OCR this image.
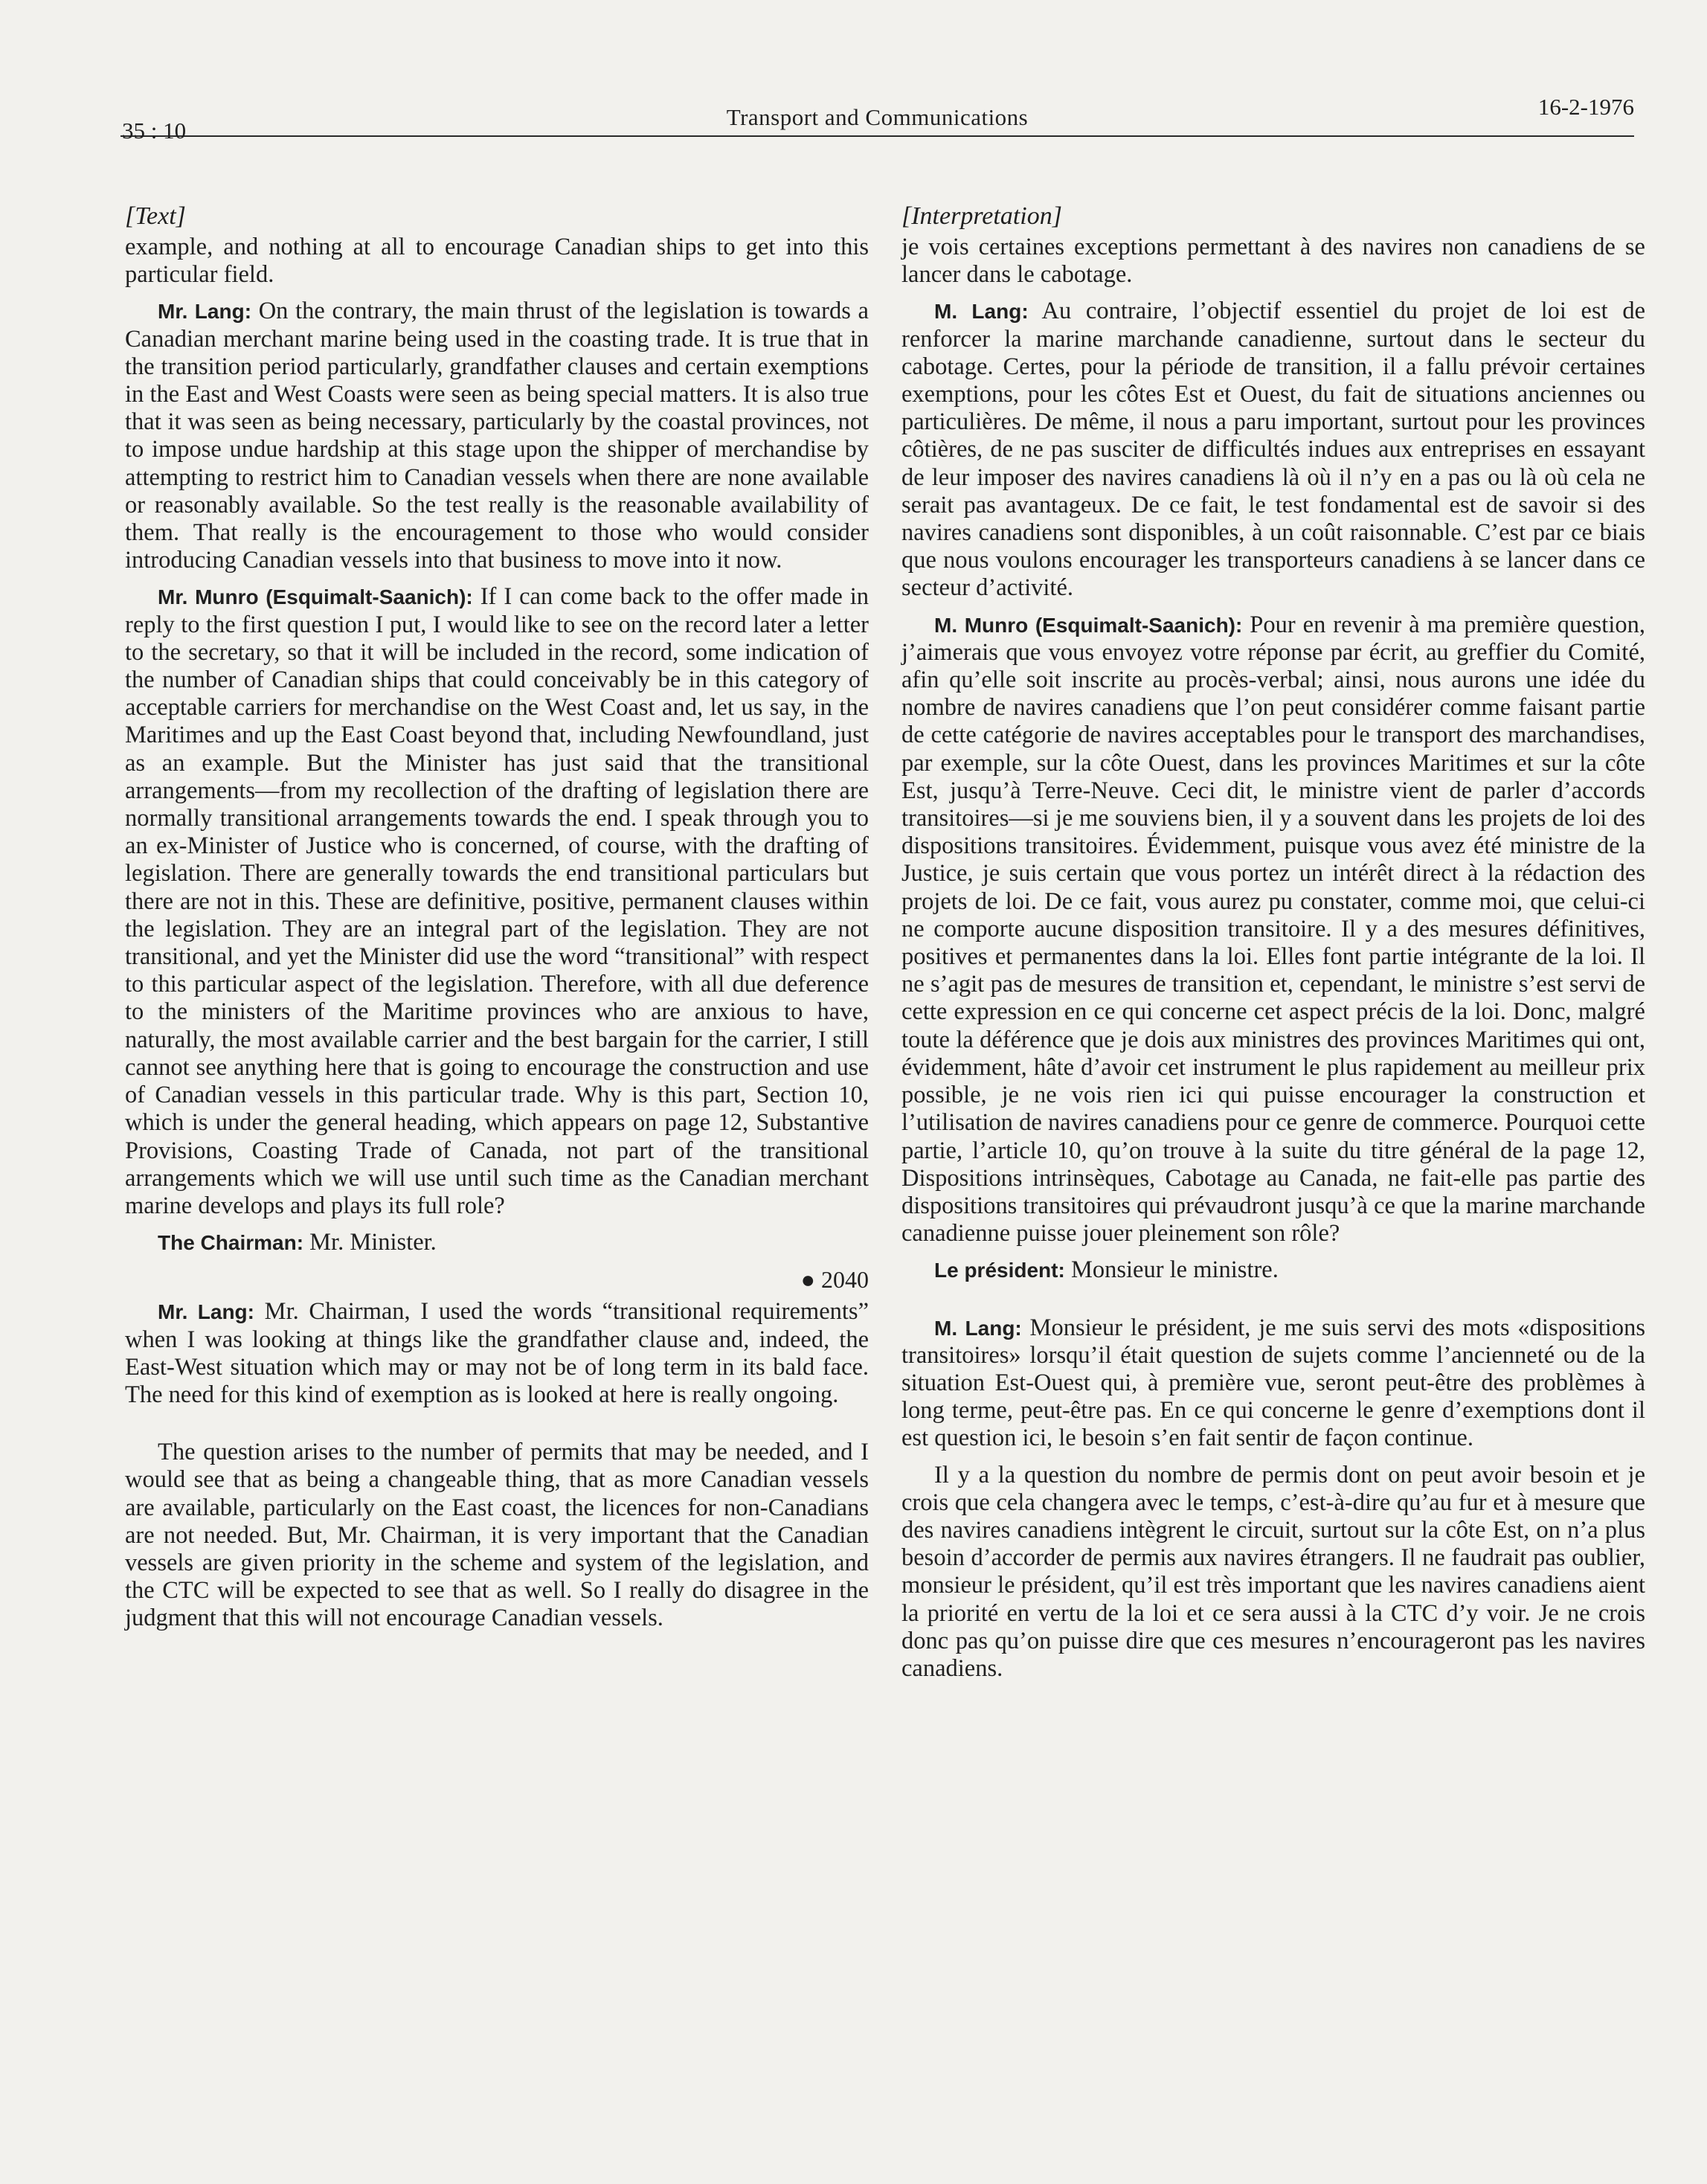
35 : 10
Transport and Communications	16-2-1976
[Text]

example, and nothing at all to encourage Canadian ships to get into this particular field.

Mr. Lang: On the contrary, the main thrust of the legislation is towards a Canadian merchant marine being used in the coasting trade. It is true that in the transition period particularly, grandfather clauses and certain exemptions in the East and West Coasts were seen as being special matters. It is also true that it was seen as being necessary, particularly by the coastal provinces, not to impose undue hardship at this stage upon the shipper of merchandise by attempting to restrict him to Canadian vessels when there are none available or reasonably available. So the test really is the reasonable availability of them. That really is the encouragement to those who would consider introducing Canadian vessels into that business to move into it now.

Mr. Munro (Esquimalt-Saanich): If I can come back to the offer made in reply to the first question I put, I would like to see on the record later a letter to the secretary, so that it will be included in the record, some indication of the number of Canadian ships that could conceivably be in this category of acceptable carriers for merchandise on the West Coast and, let us say, in the Maritimes and up the East Coast beyond that, including Newfoundland, just as an example. But the Minister has just said that the transitional arrangements—from my recollection of the drafting of legislation there are normally transitional arrangements towards the end. I speak through you to an ex-Minister of Justice who is concerned, of course, with the drafting of legislation. There are generally towards the end transitional particulars but there are not in this. These are definitive, positive, permanent clauses within the legislation. They are an integral part of the legislation. They are not transitional, and yet the Minister did use the word “transitional” with respect to this particular aspect of the legislation. Therefore, with all due deference to the ministers of the Maritime provinces who are anxious to have, naturally, the most available carrier and the best bargain for the carrier, I still cannot see anything here that is going to encourage the construction and use of Canadian vessels in this particular trade. Why is this part, Section 10, which is under the general heading, which appears on page 12, Substantive Provisions, Coasting Trade of Canada, not part of the transitional arrangements which we will use until such time as the Canadian merchant marine develops and plays its full role?

The Chairman: Mr. Minister.

● 2040

Mr. Lang: Mr. Chairman, I used the words “transitional requirements” when I was looking at things like the grandfather clause and, indeed, the East-West situation which may or may not be of long term in its bald face. The need for this kind of exemption as is looked at here is really ongoing.

The question arises to the number of permits that may be needed, and I would see that as being a changeable thing, that as more Canadian vessels are available, particularly on the East coast, the licences for non-Canadians are not needed. But, Mr. Chairman, it is very important that the Canadian vessels are given priority in the scheme and system of the legislation, and the CTC will be expected to see that as well. So I really do disagree in the judgment that this will not encourage Canadian vessels.

[Interpretation]

je vois certaines exceptions permettant à des navires non canadiens de se lancer dans le cabotage.

M. Lang: Au contraire, l’objectif essentiel du projet de loi est de renforcer la marine marchande canadienne, surtout dans le secteur du cabotage. Certes, pour la période de transition, il a fallu prévoir certaines exemptions, pour les côtes Est et Ouest, du fait de situations anciennes ou particulières. De même, il nous a paru important, surtout pour les provinces côtières, de ne pas susciter de difficultés indues aux entreprises en essayant de leur imposer des navires canadiens là où il n’y en a pas ou là où cela ne serait pas avantageux. De ce fait, le test fondamental est de savoir si des navires canadiens sont disponibles, à un coût raisonnable. C’est par ce biais que nous voulons encourager les transporteurs canadiens à se lancer dans ce secteur d’activité.

M. Munro (Esquimalt-Saanich): Pour en revenir à ma première question, j’aimerais que vous envoyez votre réponse par écrit, au greffier du Comité, afin qu’elle soit inscrite au procès-verbal; ainsi, nous aurons une idée du nombre de navires canadiens que l’on peut considérer comme faisant partie de cette catégorie de navires acceptables pour le transport des marchandises, par exemple, sur la côte Ouest, dans les provinces Maritimes et sur la côte Est, jusqu’à Terre-Neuve. Ceci dit, le ministre vient de parler d’accords transitoires—si je me souviens bien, il y a souvent dans les projets de loi des dispositions transitoires. Évidemment, puisque vous avez été ministre de la Justice, je suis certain que vous portez un intérêt direct à la rédaction des projets de loi. De ce fait, vous aurez pu constater, comme moi, que celui-ci ne comporte aucune disposition transitoire. Il y a des mesures définitives, positives et permanentes dans la loi. Elles font partie intégrante de la loi. Il ne s’agit pas de mesures de transition et, cependant, le ministre s’est servi de cette expression en ce qui concerne cet aspect précis de la loi. Donc, malgré toute la déférence que je dois aux ministres des provinces Maritimes qui ont, évidemment, hâte d’avoir cet instrument le plus rapidement au meilleur prix possible, je ne vois rien ici qui puisse encourager la construction et l’utilisation de navires canadiens pour ce genre de commerce. Pourquoi cette partie, l’article 10, qu’on trouve à la suite du titre général de la page 12, Dispositions intrinsèques, Cabotage au Canada, ne fait-elle pas partie des dispositions transitoires qui prévaudront jusqu’à ce que la marine marchande canadienne puisse jouer pleinement son rôle?

Le président: Monsieur le ministre.

M. Lang: Monsieur le président, je me suis servi des mots «dispositions transitoires» lorsqu’il était question de sujets comme l’ancienneté ou de la situation Est-Ouest qui, à première vue, seront peut-être des problèmes à long terme, peut-être pas. En ce qui concerne le genre d’exemptions dont il est question ici, le besoin s’en fait sentir de façon continue.

Il y a la question du nombre de permis dont on peut avoir besoin et je crois que cela changera avec le temps, c’est-à-dire qu’au fur et à mesure que des navires canadiens intègrent le circuit, surtout sur la côte Est, on n’a plus besoin d’accorder de permis aux navires étrangers. Il ne faudrait pas oublier, monsieur le président, qu’il est très important que les navires canadiens aient la priorité en vertu de la loi et ce sera aussi à la CTC d’y voir. Je ne crois donc pas qu’on puisse dire que ces mesures n’encourageront pas les navires canadiens.
